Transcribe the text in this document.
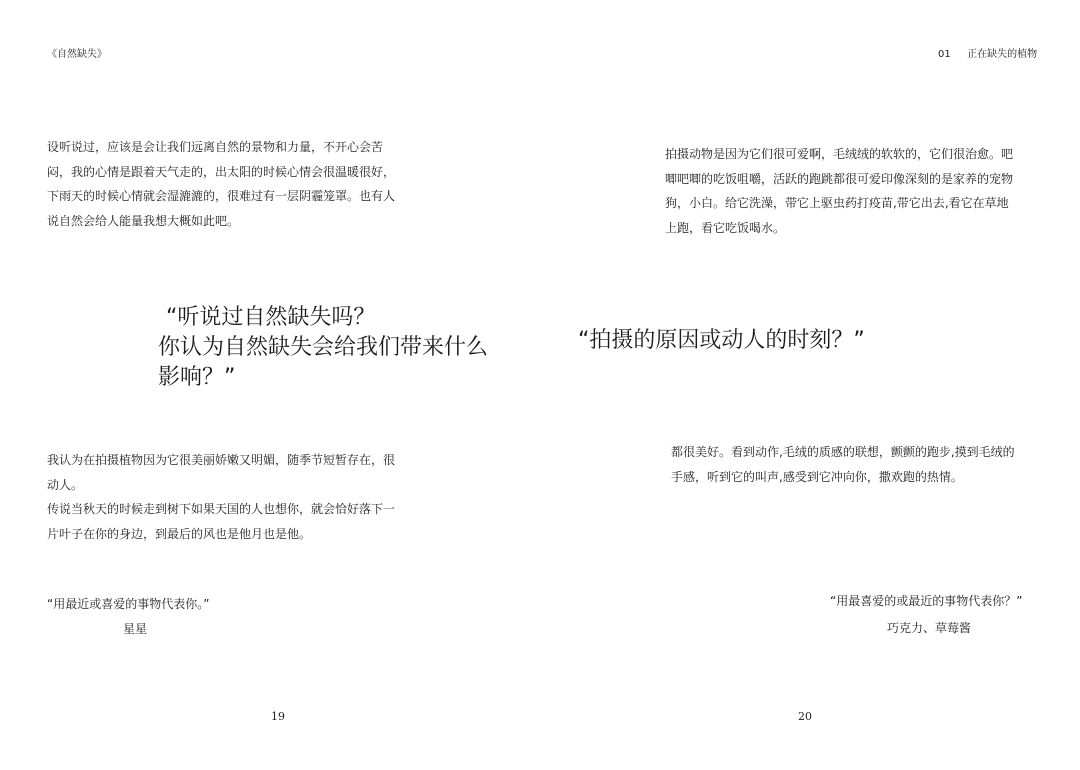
《自然缺失》

设听说过，应该是会让我们远离自然的景物和力量，不开心会苦

闷，我的心情是跟着天气走的，出太阳的时候心情会很温暖很好，

下雨天的时候心情就会湿漉漉的，很难过有一层阴霾笼罩。也有人

说自然会给人能量我想大概如此吧。

“听说过自然缺失吗？

你认为自然缺失会给我们带来什么

影响？”

我认为在拍摄植物因为它很美丽娇嫩又明媚，随季节短暂存在，很

动人。

传说当秋天的时候走到树下如果天国的人也想你，就会恰好落下一

片叶子在你的身边，到最后的风也是他月也是他。

“用最近或喜爱的事物代表你。”
星星
19
01 正在缺失的植物

拍摄动物是因为它们很可爱啊，毛绒绒的软软的，它们很治愈。吧

唧吧唧的吃饭咀嚼，活跃的跑跳都很可爱印像深刻的是家养的宠物

狗，小白。给它洗澡，带它上驱虫药打疫苗,带它出去,看它在草地

上跑，看它吃饭喝水。

“拍摄的原因或动人的时刻？”

都很美好。看到动作,毛绒的质感的联想，颤颤的跑步,摸到毛绒的

手感，听到它的叫声,感受到它冲向你，撒欢跑的热情。

“用最喜爱的或最近的事物代表你？”
巧克力、草莓酱
20
